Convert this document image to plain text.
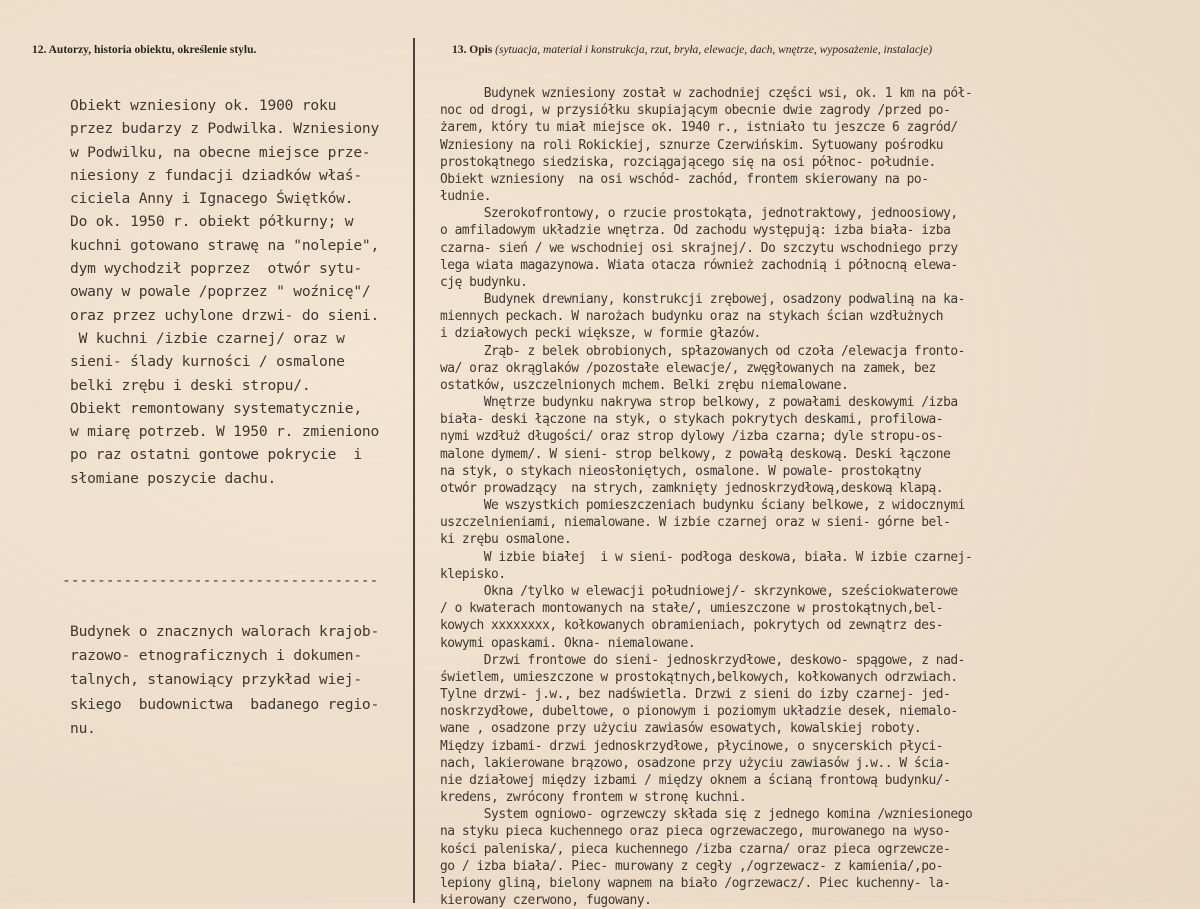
12. Autorzy, historia obiektu, określenie stylu.	13. Opis (sytuacja, materiał i konstrukcja, rzut, bryła, elewacje, dach, wnętrze, wyposażenie, instalacje)
Obiekt wzniesiony ok. 1900 roku
przez budarzy z Podwilka. Wzniesiony
w Podwilku, na obecne miejsce prze-
niesiony z fundacji dziadków właś-
ciciela Anny i Ignacego Świętków.
Do ok. 1950 r. obiekt półkurny; w
kuchni gotowano strawę na "nolepie",
dym wychodził poprzez  otwór sytu-
owany w powale /poprzez " woźnicę"/
oraz przez uchylone drzwi- do sieni.
W kuchni /izbie czarnej/ oraz w
sieni- ślady kurności / osmalone
belki zrębu i deski stropu/.
Obiekt remontowany systematycznie,
w miarę potrzeb. W 1950 r. zmieniono
po raz ostatni gontowe pokrycie  i
słomiane poszycie dachu.
------------------------------------
Budynek o znacznych walorach krajob-
razowo- etnograficznych i dokumen-
talnych, stanowiący przykład wiej-
skiego  budownictwa  badanego regio-
nu.
Budynek wzniesiony został w zachodniej części wsi, ok. 1 km na pół-
noc od drogi, w przysiółku skupiającym obecnie dwie zagrody /przed po-
żarem, który tu miał miejsce ok. 1940 r., istniało tu jeszcze 6 zagród/
Wzniesiony na roli Rokickiej, sznurze Czerwińskim. Sytuowany pośrodku
prostokątnego siedziska, rozciągającego się na osi północ- południe.
Obiekt wzniesiony  na osi wschód- zachód, frontem skierowany na po-
łudnie.
Szerokofrontowy, o rzucie prostokąta, jednotraktowy, jednoosiowy,
o amfiladowym układzie wnętrza. Od zachodu występują: izba biała- izba
czarna- sień / we wschodniej osi skrajnej/. Do szczytu wschodniego przy
lega wiata magazynowa. Wiata otacza również zachodnią i północną elewa-
cję budynku.
Budynek drewniany, konstrukcji zrębowej, osadzony podwaliną na ka-
miennych peckach. W narożach budynku oraz na stykach ścian wzdłużnych
i działowych pecki większe, w formie głazów.
Zrąb- z belek obrobionych, spłazowanych od czoła /elewacja fronto-
wa/ oraz okrąglaków /pozostałe elewacje/, zwęgłowanych na zamek, bez
ostatków, uszczelnionych mchem. Belki zrębu niemalowane.
Wnętrze budynku nakrywa strop belkowy, z powałami deskowymi /izba
biała- deski łączone na styk, o stykach pokrytych deskami, profilowa-
nymi wzdłuż długości/ oraz strop dylowy /izba czarna; dyle stropu-os-
malone dymem/. W sieni- strop belkowy, z powałą deskową. Deski łączone
na styk, o stykach nieosłoniętych, osmalone. W powale- prostokątny
otwór prowadzący  na strych, zamknięty jednoskrzydłową,deskową klapą.
We wszystkich pomieszczeniach budynku ściany belkowe, z widocznymi
uszczelnieniami, niemalowane. W izbie czarnej oraz w sieni- górne bel-
ki zrębu osmalone.
W izbie białej  i w sieni- podłoga deskowa, biała. W izbie czarnej-
klepisko.
Okna /tylko w elewacji południowej/- skrzynkowe, sześciokwaterowe
/ o kwaterach montowanych na stałe/, umieszczone w prostokątnych,bel-
kowych xxxxxxxx, kołkowanych obramieniach, pokrytych od zewnątrz des-
kowymi opaskami. Okna- niemalowane.
Drzwi frontowe do sieni- jednoskrzydłowe, deskowo- spągowe, z nad-
świetlem, umieszczone w prostokątnych,belkowych, kołkowanych odrzwiach.
Tylne drzwi- j.w., bez nadświetla. Drzwi z sieni do izby czarnej- jed-
noskrzydłowe, dubeltowe, o pionowym i poziomym układzie desek, niemalo-
wane , osadzone przy użyciu zawiasów esowatych, kowalskiej roboty.
Między izbami- drzwi jednoskrzydłowe, płycinowe, o snycerskich płyci-
nach, lakierowane brązowo, osadzone przy użyciu zawiasów j.w.. W ścia-
nie działowej między izbami / między oknem a ścianą frontową budynku/-
kredens, zwrócony frontem w stronę kuchni.
System ogniowo- ogrzewczy składa się z jednego komina /wzniesionego
na styku pieca kuchennego oraz pieca ogrzewaczego, murowanego na wyso-
kości paleniska/, pieca kuchennego /izba czarna/ oraz pieca ogrzewcze-
go / izba biała/. Piec- murowany z cegły ,/ogrzewacz- z kamienia/,po-
lepiony gliną, bielony wapnem na biało /ogrzewacz/. Piec kuchenny- la-
kierowany czerwono, fugowany.
